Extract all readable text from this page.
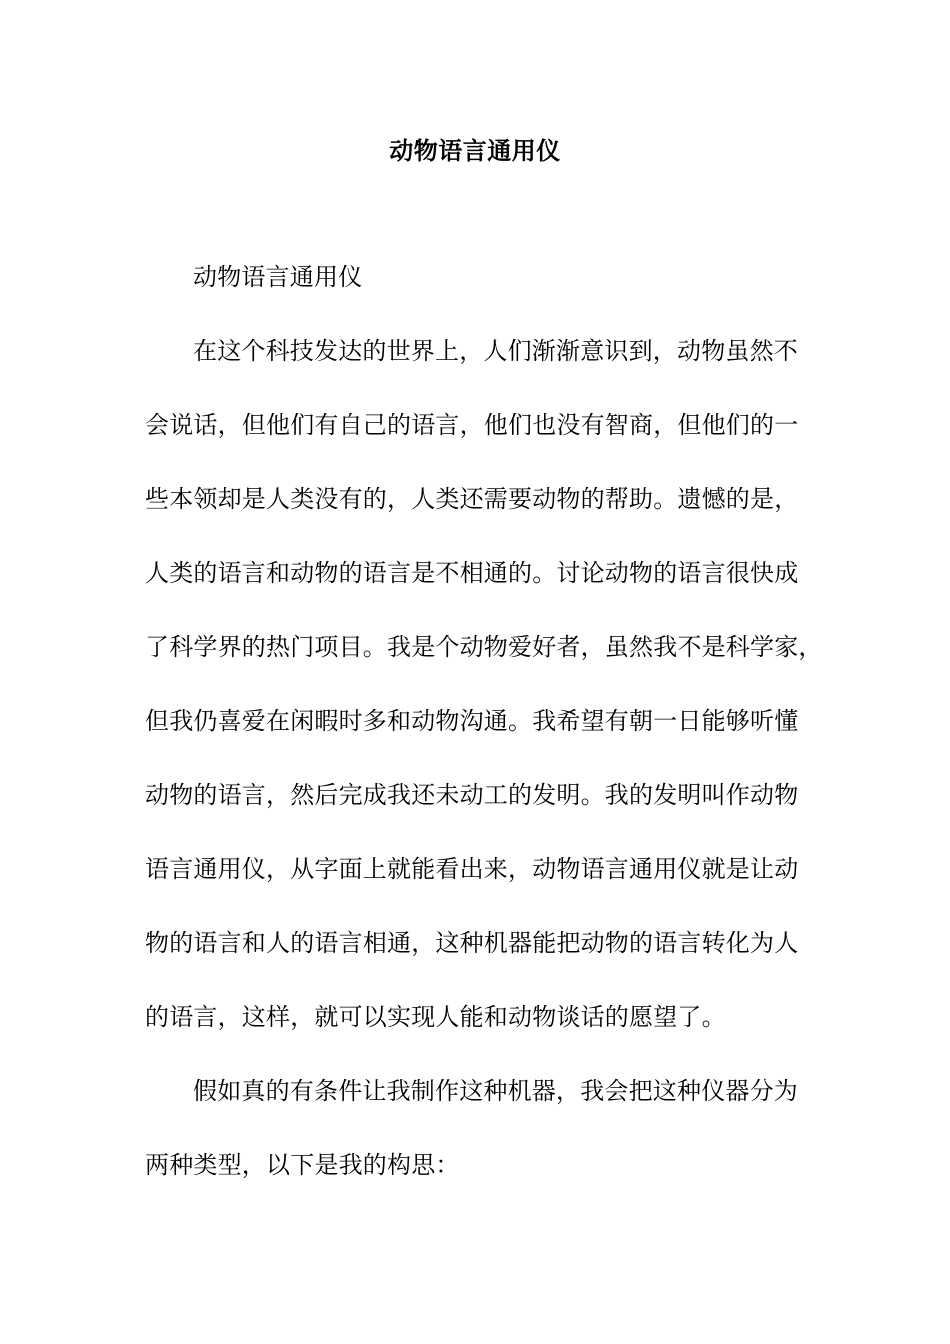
动物语言通用仪
动物语言通用仪
在这个科技发达的世界上，人们渐渐意识到，动物虽然不
会说话，但他们有自己的语言，他们也没有智商，但他们的一
些本领却是人类没有的，人类还需要动物的帮助。遗憾的是，
人类的语言和动物的语言是不相通的。讨论动物的语言很快成
了科学界的热门项目。我是个动物爱好者，虽然我不是科学家，
但我仍喜爱在闲暇时多和动物沟通。我希望有朝一日能够听懂
动物的语言，然后完成我还未动工的发明。我的发明叫作动物
语言通用仪，从字面上就能看出来，动物语言通用仪就是让动
物的语言和人的语言相通，这种机器能把动物的语言转化为人
的语言，这样，就可以实现人能和动物谈话的愿望了。
假如真的有条件让我制作这种机器，我会把这种仪器分为
两种类型，以下是我的构思：
